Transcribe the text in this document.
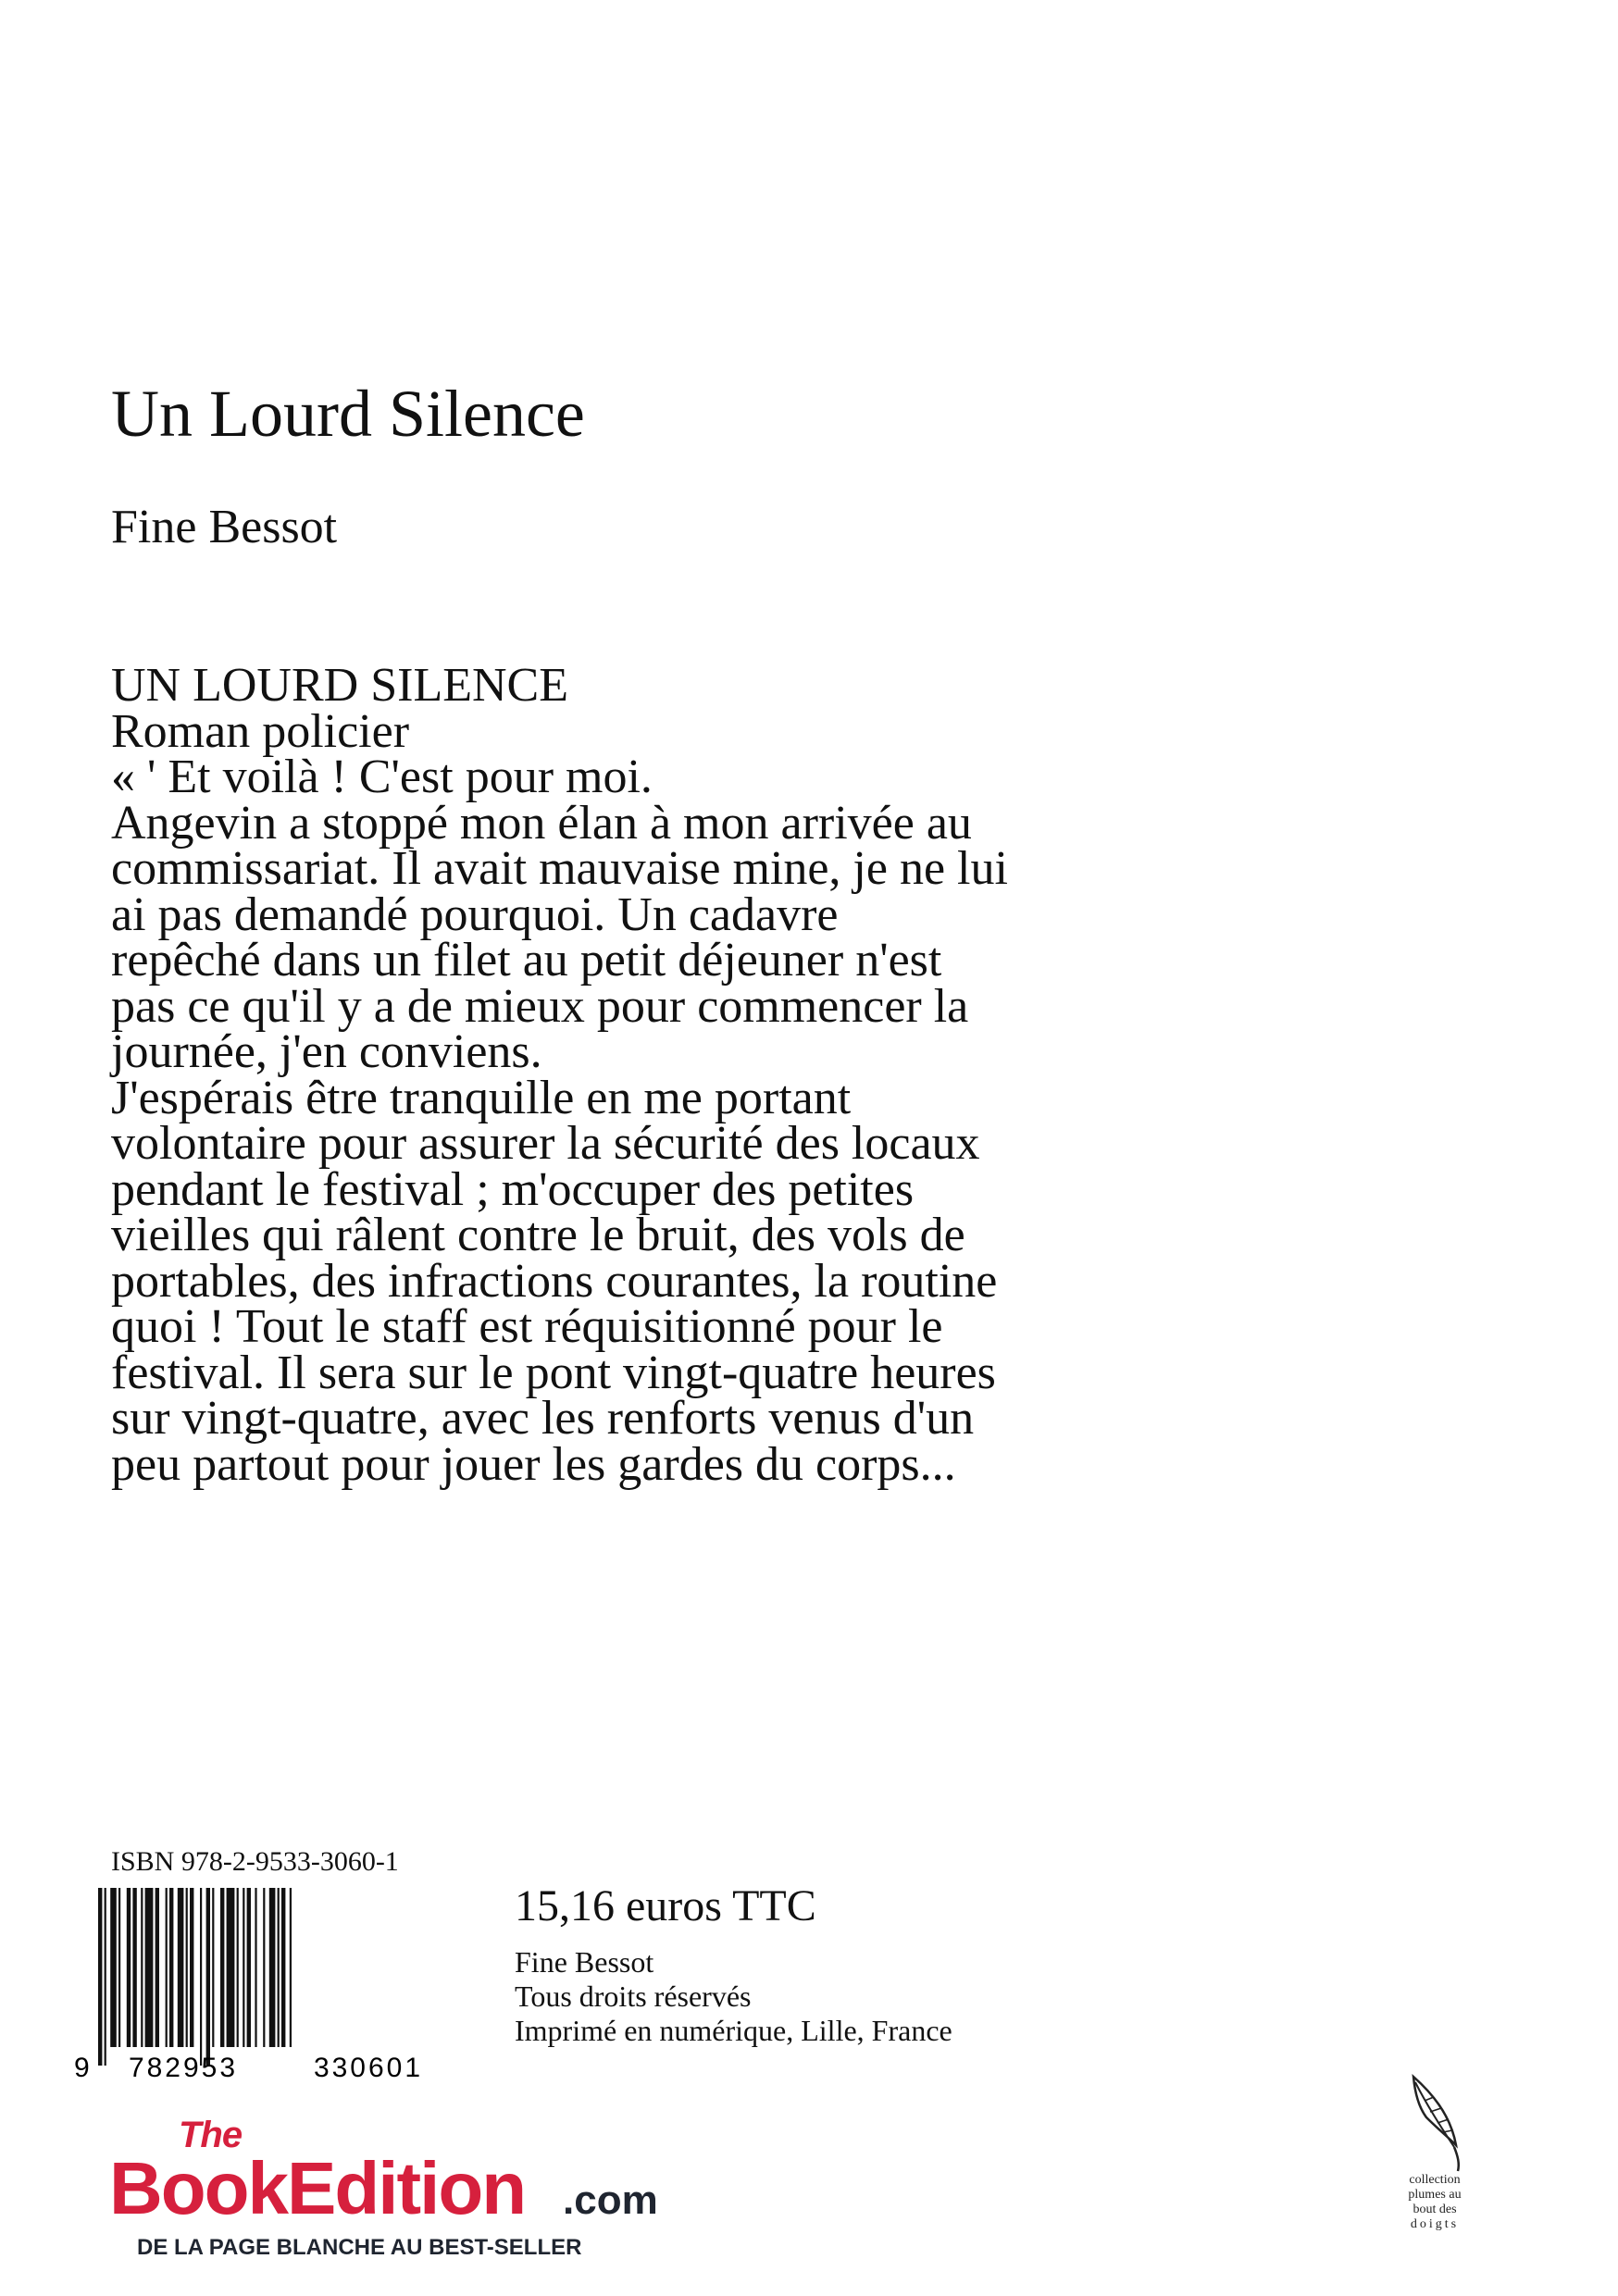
Un Lourd Silence
Fine Bessot
UN LOURD SILENCE
Roman policier
« ' Et voilà ! C'est pour moi.
Angevin a stoppé mon élan à mon arrivée au
commissariat. Il avait mauvaise mine, je ne lui
ai pas demandé pourquoi. Un cadavre
repêché dans un filet au petit déjeuner n'est
pas ce qu'il y a de mieux pour commencer la
journée, j'en conviens.
J'espérais être tranquille en me portant
volontaire pour assurer la sécurité des locaux
pendant le festival ; m'occuper des petites
vieilles qui râlent contre le bruit, des vols de
portables, des infractions courantes, la routine
quoi ! Tout le staff est réquisitionné pour le
festival. Il sera sur le pont vingt-quatre heures
sur vingt-quatre, avec les renforts venus d'un
peu partout pour jouer les gardes du corps...
ISBN 978-2-9533-3060-1
9 782953	330601
15,16 euros TTC
Fine Bessot
Tous droits réservés
Imprimé en numérique, Lille, France
The
BookEdition .com
DE LA PAGE BLANCHE AU BEST-SELLER
collection
plumes au
bout des
doigts
